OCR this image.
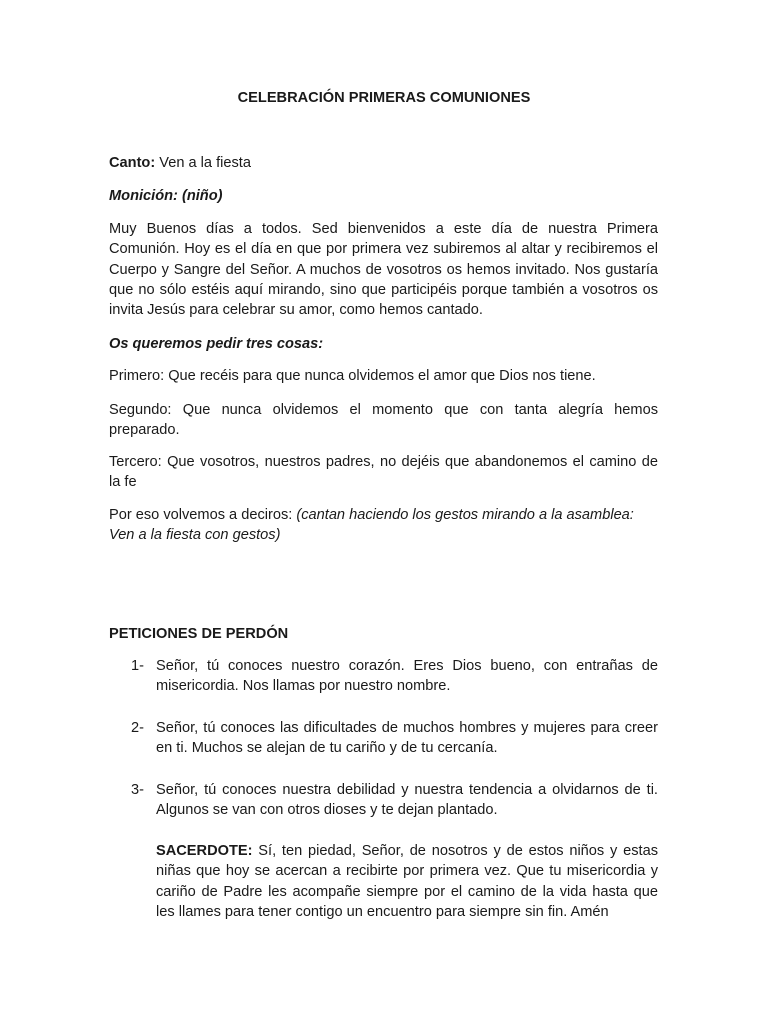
CELEBRACIÓN PRIMERAS COMUNIONES

Canto: Ven a la fiesta

Monición: (niño)

Muy Buenos días a todos. Sed bienvenidos a este día de nuestra Primera Comunión. Hoy es el día en que por primera vez subiremos al altar y recibiremos el Cuerpo y Sangre del Señor. A muchos de vosotros os hemos invitado. Nos gustaría que no sólo estéis aquí mirando, sino que participéis porque también a vosotros os invita Jesús para celebrar su amor, como hemos cantado.

Os queremos pedir tres cosas:

Primero: Que recéis para que nunca olvidemos el amor que Dios nos tiene.

Segundo: Que nunca olvidemos el momento que con tanta alegría hemos preparado.

Tercero: Que vosotros, nuestros padres, no dejéis que abandonemos el camino de la fe

Por eso volvemos a deciros: (cantan haciendo los gestos mirando a la asamblea: Ven a la fiesta con gestos)

PETICIONES DE PERDÓN

1- Señor, tú conoces nuestro corazón. Eres Dios bueno, con entrañas de misericordia. Nos llamas por nuestro nombre.

2- Señor, tú conoces las dificultades de muchos hombres y mujeres para creer en ti. Muchos se alejan de tu cariño y de tu cercanía.

3- Señor, tú conoces nuestra debilidad y nuestra tendencia a olvidarnos de ti. Algunos se van con otros dioses y te dejan plantado.

SACERDOTE: Sí, ten piedad, Señor, de nosotros y de estos niños y estas niñas que hoy se acercan a recibirte por primera vez. Que tu misericordia y cariño de Padre les acompañe siempre por el camino de la vida hasta que les llames para tener contigo un encuentro para siempre sin fin. Amén
